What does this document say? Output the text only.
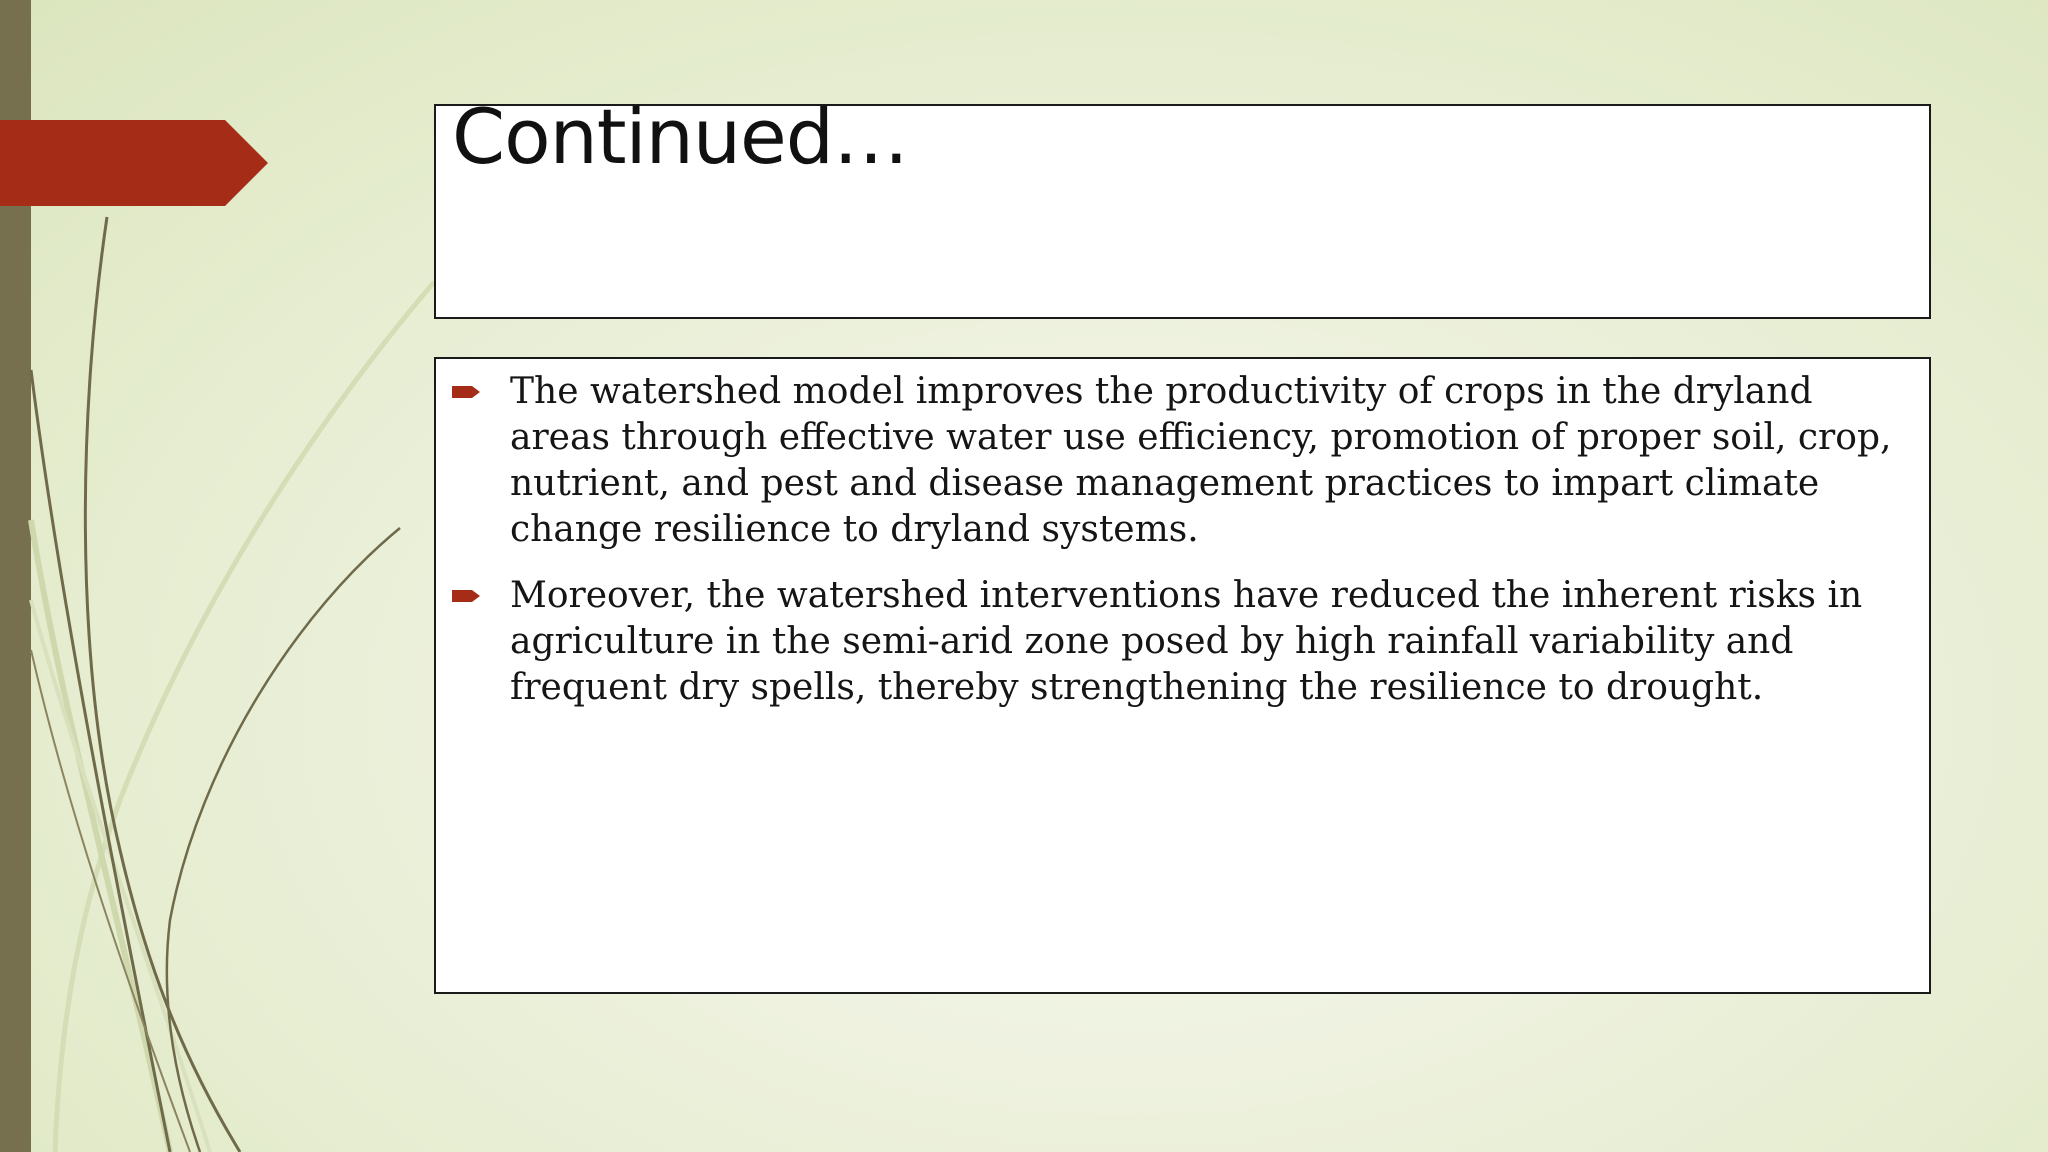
Continued…
The watershed model improves the productivity of crops in the dryland areas through effective water use efficiency, promotion of proper soil, crop, nutrient, and pest and disease management practices to impart climate change resilience to dryland systems.
Moreover, the watershed interventions have reduced the inherent risks in agriculture in the semi-arid zone posed by high rainfall variability and frequent dry spells, thereby strengthening the resilience to drought.
